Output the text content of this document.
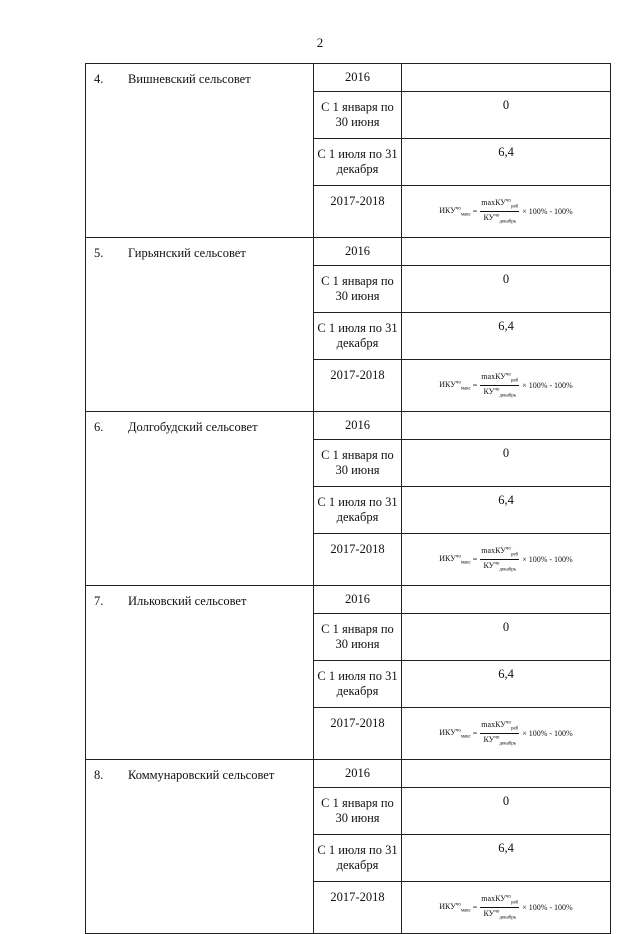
2
4. Вишневский сельсовет	2016	
	С 1 января по 30 июня	0
	С 1 июля по 31 декабря	6,4
	2017-2018	$ИКУ^{чо}_{макс} = \frac{\max КУ^{чо}_{реб}}{КУ^{чо}_{декабрь}} \times 100\% - 100\%$

5. Гирьянский сельсовет	2016	
	С 1 января по 30 июня	0
	С 1 июля по 31 декабря	6,4
	2017-2018	$ИКУ^{чо}_{макс} = \frac{\max КУ^{чо}_{реб}}{КУ^{чо}_{декабрь}} \times 100\% - 100\%$

6. Долгобудский сельсовет	2016	
	С 1 января по 30 июня	0
	С 1 июля по 31 декабря	6,4
	2017-2018	$ИКУ^{чо}_{макс} = \frac{\max КУ^{чо}_{реб}}{КУ^{чо}_{декабрь}} \times 100\% - 100\%$

7. Ильковский сельсовет	2016	
	С 1 января по 30 июня	0
	С 1 июля по 31 декабря	6,4
	2017-2018	$ИКУ^{чо}_{макс} = \frac{\max КУ^{чо}_{реб}}{КУ^{чо}_{декабрь}} \times 100\% - 100\%$

8. Коммунаровский сельсовет	2016	
	С 1 января по 30 июня	0
	С 1 июля по 31 декабря	6,4
	2017-2018	$ИКУ^{чо}_{макс} = \frac{\max КУ^{чо}_{реб}}{КУ^{чо}_{декабрь}} \times 100\% - 100\%$
